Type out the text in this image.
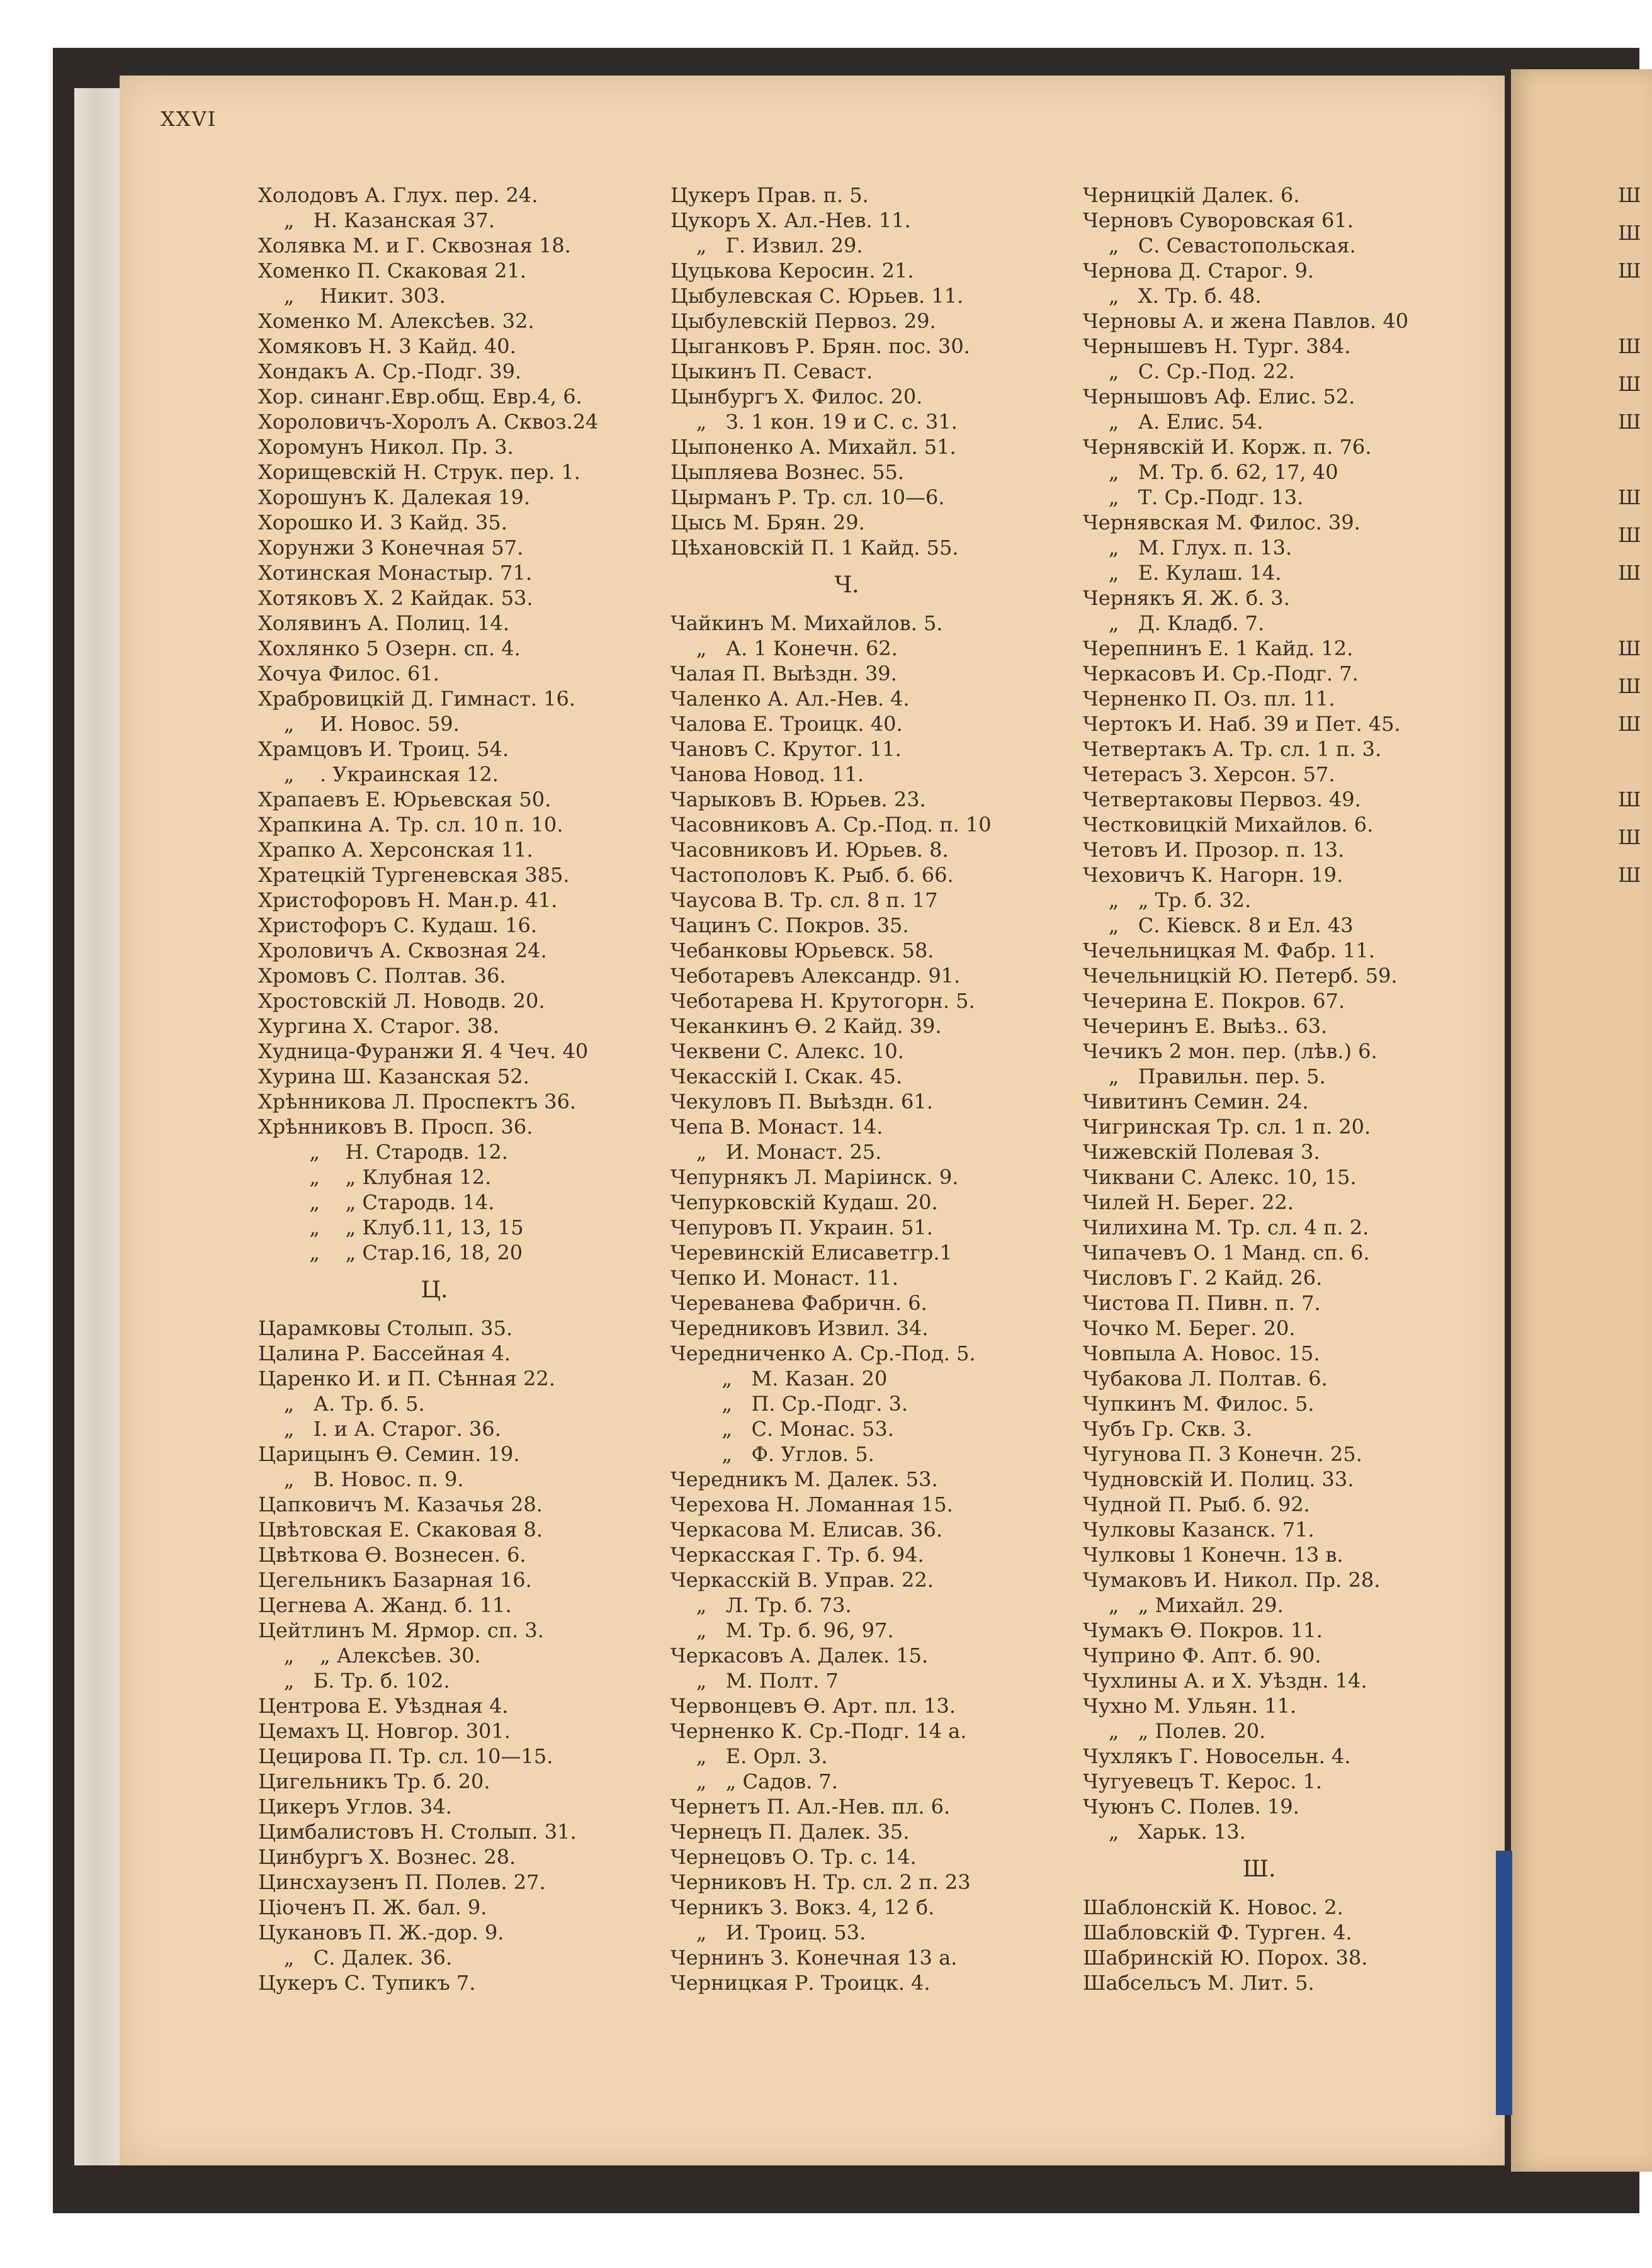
XXVI
Холодовъ А. Глух. пер. 24.
„   Н. Казанская 37.
Холявка М. и Г. Сквозная 18.
Хоменко П. Скаковая 21.
„    Никит. 303.
Хоменко М. Алексѣев. 32.
Хомяковъ Н. 3 Кайд. 40.
Хондакъ А. Ср.-Подг. 39.
Хор. синанг.Евр.общ. Евр.4, 6.
Хороловичъ-Хоролъ А. Сквоз.24
Хоромунъ Никол. Пр. 3.
Хорищевскій Н. Струк. пер. 1.
Хорошунъ К. Далекая 19.
Хорошко И. 3 Кайд. 35.
Хорунжи 3 Конечная 57.
Хотинская Монастыр. 71.
Хотяковъ Х. 2 Кайдак. 53.
Холявинъ А. Полиц. 14.
Хохлянко 5 Озерн. сп. 4.
Хочуа Филос. 61.
Храбровицкій Д. Гимнаст. 16.
„    И. Новос. 59.
Храмцовъ И. Троиц. 54.
„    . Украинская 12.
Храпаевъ Е. Юрьевская 50.
Храпкина А. Тр. сл. 10 п. 10.
Храпко А. Херсонская 11.
Хратецкій Тургеневская 385.
Христофоровъ Н. Ман.р. 41.
Христофоръ С. Кудаш. 16.
Хроловичъ А. Сквозная 24.
Хромовъ С. Полтав. 36.
Хростовскій Л. Новодв. 20.
Хургина Х. Старог. 38.
Худница-Фуранжи Я. 4 Чеч. 40
Хурина Ш. Казанская 52.
Хрѣнникова Л. Проспектъ 36.
Хрѣнниковъ В. Просп. 36.
„    Н. Стародв. 12.
„    „ Клубная 12.
„    „ Стародв. 14.
„    „ Клуб.11, 13, 15
„    „ Стар.16, 18, 20
Ц.
Царамковы Столып. 35.
Цалина Р. Бассейная 4.
Царенко И. и П. Сѣнная 22.
„   А. Тр. б. 5.
„   І. и А. Старог. 36.
Царицынъ Ѳ. Семин. 19.
„   В. Новос. п. 9.
Цапковичъ М. Казачья 28.
Цвѣтовская Е. Скаковая 8.
Цвѣткова Ѳ. Вознесен. 6.
Цегельникъ Базарная 16.
Цегнева А. Жанд. б. 11.
Цейтлинъ М. Ярмор. сп. 3.
„    „ Алексѣев. 30.
„   Б. Тр. б. 102.
Центрова Е. Уѣздная 4.
Цемахъ Ц. Новгор. 301.
Цецирова П. Тр. сл. 10—15.
Цигельникъ Тр. б. 20.
Цикеръ Углов. 34.
Цимбалистовъ Н. Столып. 31.
Цинбургъ Х. Вознес. 28.
Цинсхаузенъ П. Полев. 27.
Ціоченъ П. Ж. бал. 9.
Цукановъ П. Ж.-дор. 9.
„   С. Далек. 36.
Цукеръ С. Тупикъ 7.
Цукеръ Прав. п. 5.
Цукоръ Х. Ал.-Нев. 11.
„   Г. Извил. 29.
Цуцькова Керосин. 21.
Цыбулевская С. Юрьев. 11.
Цыбулевскій Первоз. 29.
Цыганковъ Р. Брян. пос. 30.
Цыкинъ П. Севаст.
Цынбургъ Х. Филос. 20.
„   З. 1 кон. 19 и С. с. 31.
Цыпоненко А. Михайл. 51.
Цыпляева Вознес. 55.
Цырманъ Р. Тр. сл. 10—6.
Цысь М. Брян. 29.
Цѣхановскій П. 1 Кайд. 55.
Ч.
Чайкинъ М. Михайлов. 5.
„   А. 1 Конечн. 62.
Чалая П. Выѣздн. 39.
Чаленко А. Ал.-Нев. 4.
Чалова Е. Троицк. 40.
Чановъ С. Крутог. 11.
Чанова Новод. 11.
Чарыковъ В. Юрьев. 23.
Часовниковъ А. Ср.-Под. п. 10
Часовниковъ И. Юрьев. 8.
Частополовъ К. Рыб. б. 66.
Чаусова В. Тр. сл. 8 п. 17
Чацинъ С. Покров. 35.
Чебанковы Юрьевск. 58.
Чеботаревъ Александр. 91.
Чеботарева Н. Крутогорн. 5.
Чеканкинъ Ѳ. 2 Кайд. 39.
Чеквени С. Алекс. 10.
Чекасскій І. Скак. 45.
Чекуловъ П. Выѣздн. 61.
Чепа В. Монаст. 14.
„   И. Монаст. 25.
Чепурнякъ Л. Маріинск. 9.
Чепурковскій Кудаш. 20.
Чепуровъ П. Украин. 51.
Черевинскій Елисаветгр.1
Чепко И. Монаст. 11.
Череванева Фабричн. 6.
Чередниковъ Извил. 34.
Чередниченко А. Ср.-Под. 5.
„   М. Казан. 20
„   П. Ср.-Подг. 3.
„   С. Монас. 53.
„   Ф. Углов. 5.
Чередникъ М. Далек. 53.
Черехова Н. Ломанная 15.
Черкасова М. Елисав. 36.
Черкасская Г. Тр. б. 94.
Черкасскій В. Управ. 22.
„   Л. Тр. б. 73.
„   М. Тр. б. 96, 97.
Черкасовъ А. Далек. 15.
„   М. Полт. 7
Червонцевъ Ѳ. Арт. пл. 13.
Черненко К. Ср.-Подг. 14 а.
„   Е. Орл. 3.
„   „ Садов. 7.
Чернетъ П. Ал.-Нев. пл. 6.
Чернецъ П. Далек. 35.
Чернецовъ О. Тр. с. 14.
Черниковъ Н. Тр. сл. 2 п. 23
Черникъ З. Вокз. 4, 12 б.
„   И. Троиц. 53.
Чернинъ З. Конечная 13 а.
Черницкая Р. Троицк. 4.
Черницкій Далек. 6.
Черновъ Суворовская 61.
„   С. Севастопольская.
Чернова Д. Старог. 9.
„   Х. Тр. б. 48.
Черновы А. и жена Павлов. 40
Чернышевъ Н. Тург. 384.
„   С. Ср.-Под. 22.
Чернышовъ Аф. Елис. 52.
„   А. Елис. 54.
Чернявскій И. Корж. п. 76.
„   М. Тр. б. 62, 17, 40
„   Т. Ср.-Подг. 13.
Чернявская М. Филос. 39.
„   М. Глух. п. 13.
„   Е. Кулаш. 14.
Чернякъ Я. Ж. б. 3.
„   Д. Кладб. 7.
Черепнинъ Е. 1 Кайд. 12.
Черкасовъ И. Ср.-Подг. 7.
Черненко П. Оз. пл. 11.
Чертокъ И. Наб. 39 и Пет. 45.
Четвертакъ А. Тр. сл. 1 п. 3.
Четерасъ З. Херсон. 57.
Четвертаковы Первоз. 49.
Честковицкій Михайлов. 6.
Четовъ И. Прозор. п. 13.
Чеховичъ К. Нагорн. 19.
„   „ Тр. б. 32.
„   С. Кіевск. 8 и Ел. 43
Чечельницкая М. Фабр. 11.
Чечельницкій Ю. Петерб. 59.
Чечерина Е. Покров. 67.
Чечеринъ Е. Выѣз.. 63.
Чечикъ 2 мон. пер. (лѣв.) 6.
„   Правильн. пер. 5.
Чивитинъ Семин. 24.
Чигринская Тр. сл. 1 п. 20.
Чижевскій Полевая 3.
Чиквани С. Алекс. 10, 15.
Чилей Н. Берег. 22.
Чилихина М. Тр. сл. 4 п. 2.
Чипачевъ О. 1 Манд. сп. 6.
Числовъ Г. 2 Кайд. 26.
Чистова П. Пивн. п. 7.
Чочко М. Берег. 20.
Човпыла А. Новос. 15.
Чубакова Л. Полтав. 6.
Чупкинъ М. Филос. 5.
Чубъ Гр. Скв. 3.
Чугунова П. 3 Конечн. 25.
Чудновскій И. Полиц. 33.
Чудной П. Рыб. б. 92.
Чулковы Казанск. 71.
Чулковы 1 Конечн. 13 в.
Чумаковъ И. Никол. Пр. 28.
„   „ Михайл. 29.
Чумакъ Ѳ. Покров. 11.
Чуприно Ф. Апт. б. 90.
Чухлины А. и Х. Уѣздн. 14.
Чухно М. Ульян. 11.
„   „ Полев. 20.
Чухлякъ Г. Новосельн. 4.
Чугуевецъ Т. Керос. 1.
Чуюнъ С. Полев. 19.
„   Харьк. 13.
Ш.
Шаблонскій К. Новос. 2.
Шабловскій Ф. Турген. 4.
Шабринскій Ю. Порох. 38.
Шабсельсъ М. Лит. 5.
Ш
Ш
Ш
Ш
Ш
Ш
Ш
Ш
Ш
Ш
Ш
Ш
Ш
Ш
Ш
